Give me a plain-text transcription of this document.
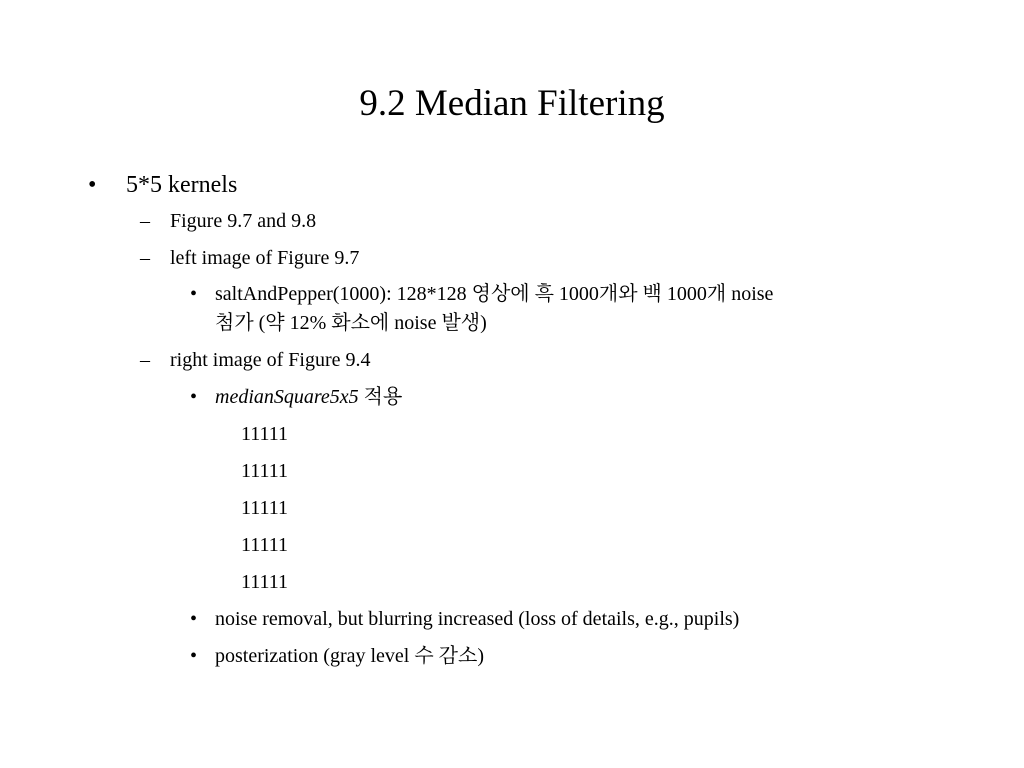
9.2 Median Filtering
• 5*5 kernels
– Figure 9.7 and 9.8
– left image of Figure 9.7
• saltAndPepper(1000): 128*128 영상에 흑 1000개와 백 1000개 noise
첨가 (약 12% 화소에 noise 발생)
– right image of Figure 9.4
• medianSquare5x5 적용
11111
11111
11111
11111
11111
• noise removal, but blurring increased (loss of details, e.g., pupils)
• posterization (gray level 수 감소)
